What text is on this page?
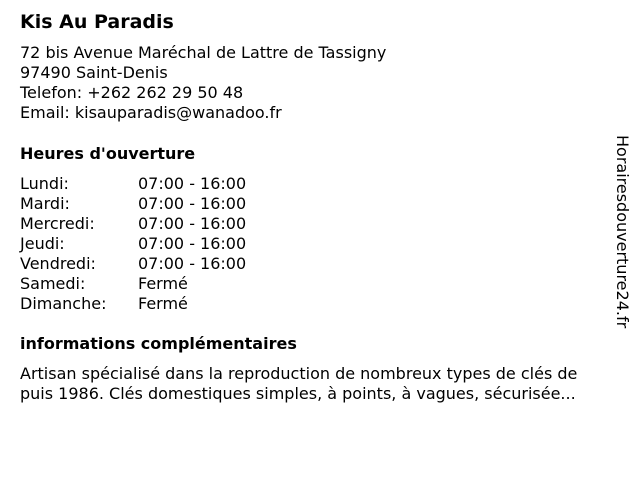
Kis Au Paradis
72 bis Avenue Maréchal de Lattre de Tassigny
97490 Saint-Denis
Telefon: +262 262 29 50 48
Email: kisauparadis@wanadoo.fr
Heures d'ouverture
Lundi:	07:00 - 16:00
Mardi:	07:00 - 16:00
Mercredi:	07:00 - 16:00
Jeudi:	07:00 - 16:00
Vendredi:	07:00 - 16:00
Samedi:	Fermé
Dimanche:	Fermé
informations complémentaires
Artisan spécialisé dans la reproduction de nombreux types de clés de
puis 1986. Clés domestiques simples, à points, à vagues, sécurisée...
Horairesdouverture24.fr
